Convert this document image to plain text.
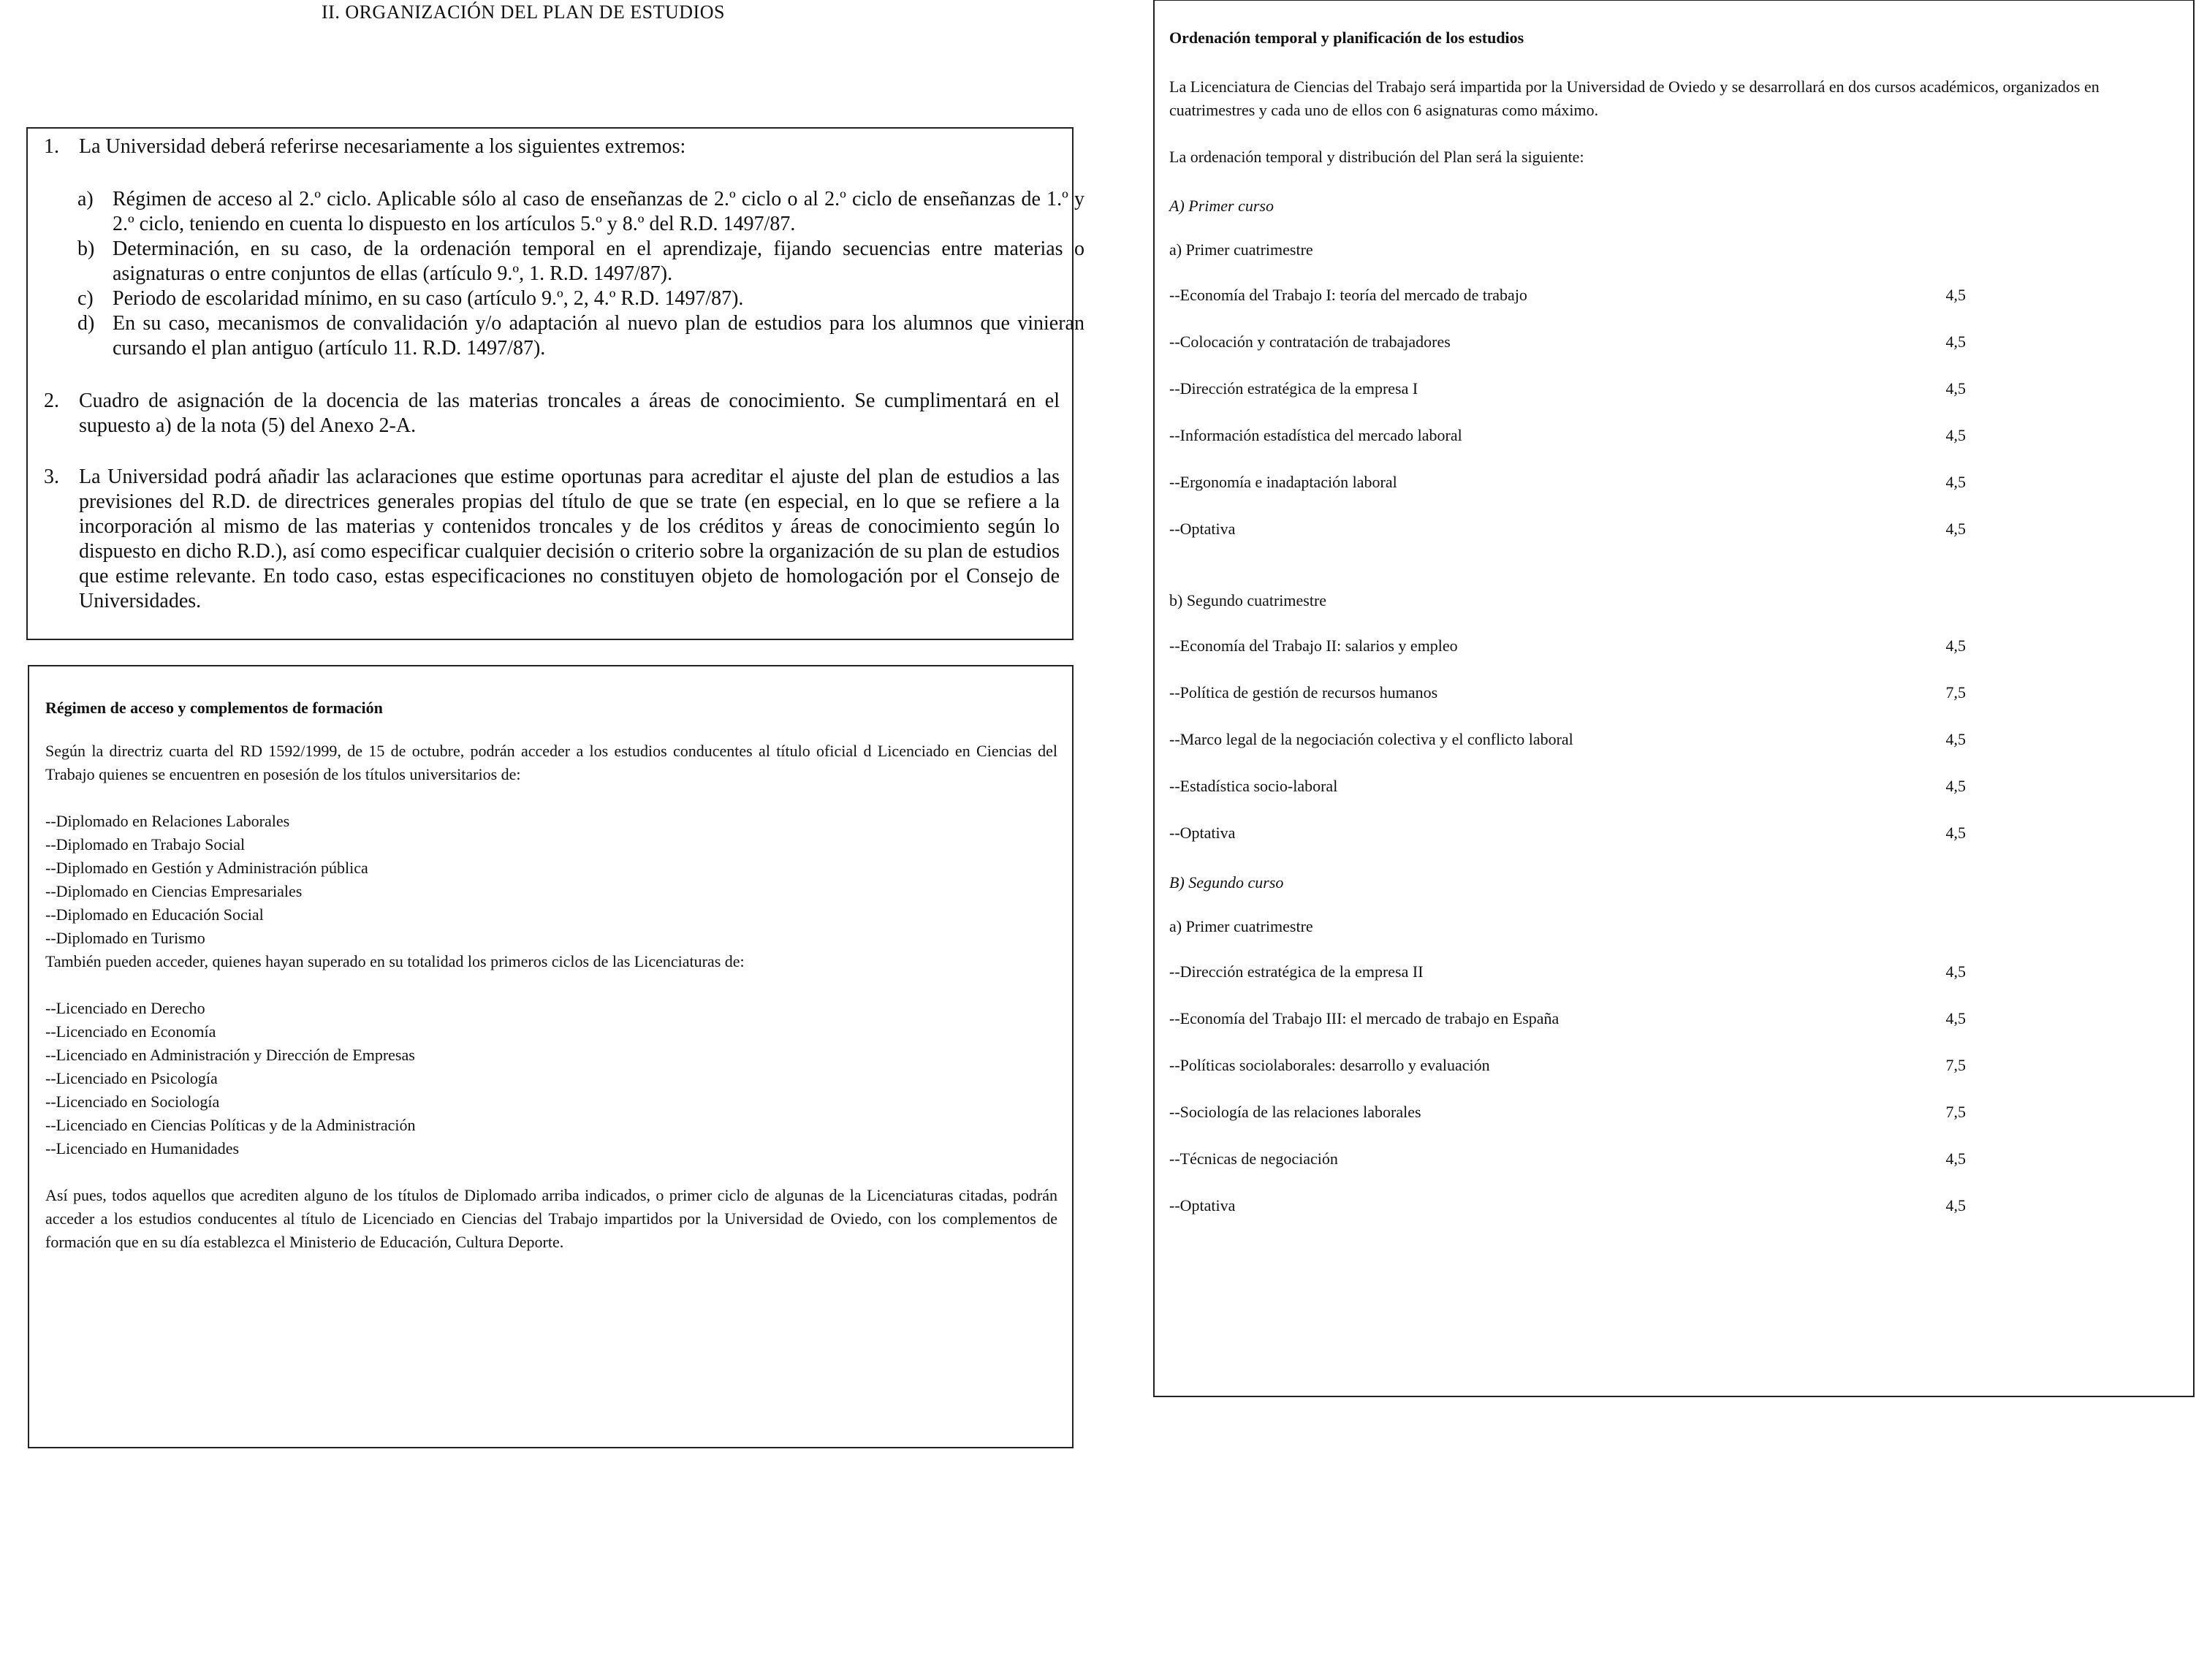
II. ORGANIZACIÓN DEL PLAN DE ESTUDIOS
1. La Universidad deberá referirse necesariamente a los siguientes extremos:
a) Régimen de acceso al 2.º ciclo. Aplicable sólo al caso de enseñanzas de 2.º ciclo o al 2.º ciclo de enseñanzas de 1.º y 2.º ciclo, teniendo en cuenta lo dispuesto en los artículos 5.º y 8.º del R.D. 1497/87.
b) Determinación, en su caso, de la ordenación temporal en el aprendizaje, fijando secuencias entre materias o asignaturas o entre conjuntos de ellas (artículo 9.º, 1. R.D. 1497/87).
c) Periodo de escolaridad mínimo, en su caso (artículo 9.º, 2, 4.º R.D. 1497/87).
d) En su caso, mecanismos de convalidación y/o adaptación al nuevo plan de estudios para los alumnos que vinieran cursando el plan antiguo (artículo 11. R.D. 1497/87).
2. Cuadro de asignación de la docencia de las materias troncales a áreas de conocimiento. Se cumplimentará en el supuesto a) de la nota (5) del Anexo 2-A.
3. La Universidad podrá añadir las aclaraciones que estime oportunas para acreditar el ajuste del plan de estudios a las previsiones del R.D. de directrices generales propias del título de que se trate (en especial, en lo que se refiere a la incorporación al mismo de las materias y contenidos troncales y de los créditos y áreas de conocimiento según lo dispuesto en dicho R.D.), así como especificar cualquier decisión o criterio sobre la organización de su plan de estudios que estime relevante. En todo caso, estas especificaciones no constituyen objeto de homologación por el Consejo de Universidades.
Régimen de acceso y complementos de formación
Según la directriz cuarta del RD 1592/1999, de 15 de octubre, podrán acceder a los estudios conducentes al título oficial d Licenciado en Ciencias del Trabajo quienes se encuentren en posesión de los títulos universitarios de:
--Diplomado en Relaciones Laborales
--Diplomado en Trabajo Social
--Diplomado en Gestión y Administración pública
--Diplomado en Ciencias Empresariales
--Diplomado en Educación Social
--Diplomado en Turismo
También pueden acceder, quienes hayan superado en su totalidad los primeros ciclos de las Licenciaturas de:
--Licenciado en Derecho
--Licenciado en Economía
--Licenciado en Administración y Dirección de Empresas
--Licenciado en Psicología
--Licenciado en Sociología
--Licenciado en Ciencias Políticas y de la Administración
--Licenciado en Humanidades
Así pues, todos aquellos que acrediten alguno de los títulos de Diplomado arriba indicados, o primer ciclo de algunas de la Licenciaturas citadas, podrán acceder a los estudios conducentes al título de Licenciado en Ciencias del Trabajo impartidos por la Universidad de Oviedo, con los complementos de formación que en su día establezca el Ministerio de Educación, Cultura Deporte.
Ordenación temporal y planificación de los estudios
La Licenciatura de Ciencias del Trabajo será impartida por la Universidad de Oviedo y se desarrollará en dos cursos académicos, organizados en cuatrimestres y cada uno de ellos con 6 asignaturas como máximo.
La ordenación temporal y distribución del Plan será la siguiente:
A) Primer curso
a) Primer cuatrimestre
--Economía del Trabajo I: teoría del mercado de trabajo	4,5
--Colocación y contratación de trabajadores	4,5
--Dirección estratégica de la empresa I	4,5
--Información estadística del mercado laboral	4,5
--Ergonomía e inadaptación laboral	4,5
--Optativa	4,5
b) Segundo cuatrimestre
--Economía del Trabajo II: salarios y empleo	4,5
--Política de gestión de recursos humanos	7,5
--Marco legal de la negociación colectiva y el conflicto laboral	4,5
--Estadística socio-laboral	4,5
--Optativa	4,5
B) Segundo curso
a) Primer cuatrimestre
--Dirección estratégica de la empresa II	4,5
--Economía del Trabajo III: el mercado de trabajo en España	4,5
--Políticas sociolaborales: desarrollo y evaluación	7,5
--Sociología de las relaciones laborales	7,5
--Técnicas de negociación	4,5
--Optativa	4,5
